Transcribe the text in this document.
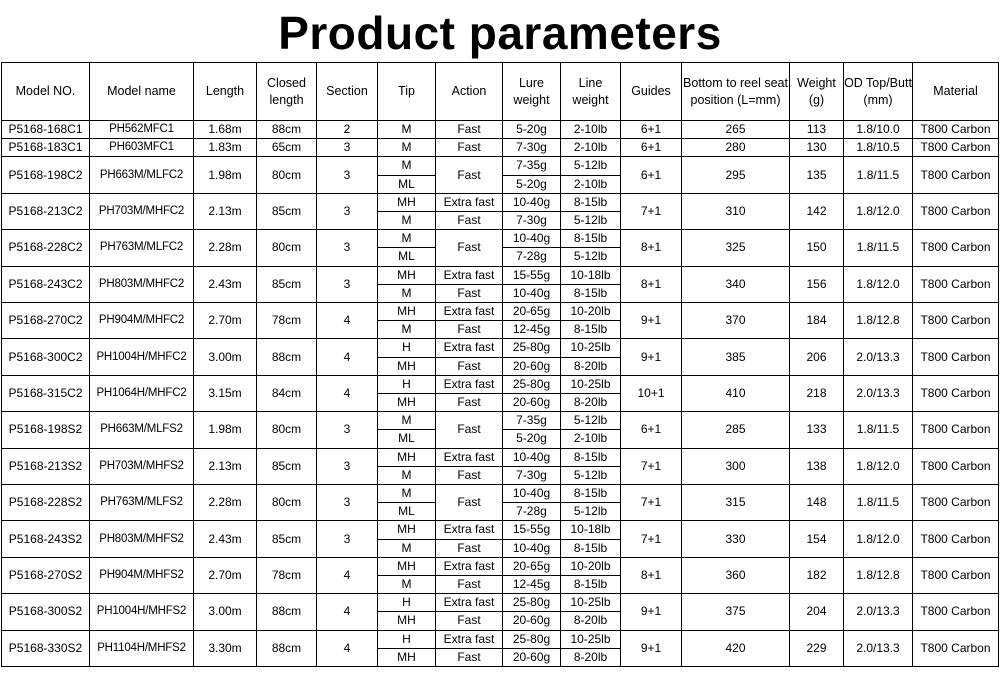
Product parameters
Model NO.	Model name	Length	Closed length	Section	Tip	Action	Lure weight	Line weight	Guides	Bottom to reel seat position (L=mm)	Weight (g)	OD Top/Butt (mm)	Material
P5168-168C1	PH562MFC1	1.68m	88cm	2	M	Fast	5-20g	2-10lb	6+1	265	113	1.8/10.0	T800 Carbon
P5168-183C1	PH603MFC1	1.83m	65cm	3	M	Fast	7-30g	2-10lb	6+1	280	130	1.8/10.5	T800 Carbon
P5168-198C2	PH663M/MLFC2	1.98m	80cm	3	M	Fast	7-35g	5-12lb	6+1	295	135	1.8/11.5	T800 Carbon
					ML		5-20g	2-10lb					
P5168-213C2	PH703M/MHFC2	2.13m	85cm	3	MH	Extra fast	10-40g	8-15lb	7+1	310	142	1.8/12.0	T800 Carbon
					M	Fast	7-30g	5-12lb					
P5168-228C2	PH763M/MLFC2	2.28m	80cm	3	M	Fast	10-40g	8-15lb	8+1	325	150	1.8/11.5	T800 Carbon
					ML		7-28g	5-12lb					
P5168-243C2	PH803M/MHFC2	2.43m	85cm	3	MH	Extra fast	15-55g	10-18lb	8+1	340	156	1.8/12.0	T800 Carbon
					M	Fast	10-40g	8-15lb					
P5168-270C2	PH904M/MHFC2	2.70m	78cm	4	MH	Extra fast	20-65g	10-20lb	9+1	370	184	1.8/12.8	T800 Carbon
					M	Fast	12-45g	8-15lb					
P5168-300C2	PH1004H/MHFC2	3.00m	88cm	4	H	Extra fast	25-80g	10-25lb	9+1	385	206	2.0/13.3	T800 Carbon
					MH	Fast	20-60g	8-20lb					
P5168-315C2	PH1064H/MHFC2	3.15m	84cm	4	H	Extra fast	25-80g	10-25lb	10+1	410	218	2.0/13.3	T800 Carbon
					MH	Fast	20-60g	8-20lb					
P5168-198S2	PH663M/MLFS2	1.98m	80cm	3	M	Fast	7-35g	5-12lb	6+1	285	133	1.8/11.5	T800 Carbon
					ML		5-20g	2-10lb					
P5168-213S2	PH703M/MHFS2	2.13m	85cm	3	MH	Extra fast	10-40g	8-15lb	7+1	300	138	1.8/12.0	T800 Carbon
					M	Fast	7-30g	5-12lb					
P5168-228S2	PH763M/MLFS2	2.28m	80cm	3	M	Fast	10-40g	8-15lb	7+1	315	148	1.8/11.5	T800 Carbon
					ML		7-28g	5-12lb					
P5168-243S2	PH803M/MHFS2	2.43m	85cm	3	MH	Extra fast	15-55g	10-18lb	7+1	330	154	1.8/12.0	T800 Carbon
					M	Fast	10-40g	8-15lb					
P5168-270S2	PH904M/MHFS2	2.70m	78cm	4	MH	Extra fast	20-65g	10-20lb	8+1	360	182	1.8/12.8	T800 Carbon
					M	Fast	12-45g	8-15lb					
P5168-300S2	PH1004H/MHFS2	3.00m	88cm	4	H	Extra fast	25-80g	10-25lb	9+1	375	204	2.0/13.3	T800 Carbon
					MH	Fast	20-60g	8-20lb					
P5168-330S2	PH1104H/MHFS2	3.30m	88cm	4	H	Extra fast	25-80g	10-25lb	9+1	420	229	2.0/13.3	T800 Carbon
					MH	Fast	20-60g	8-20lb					
